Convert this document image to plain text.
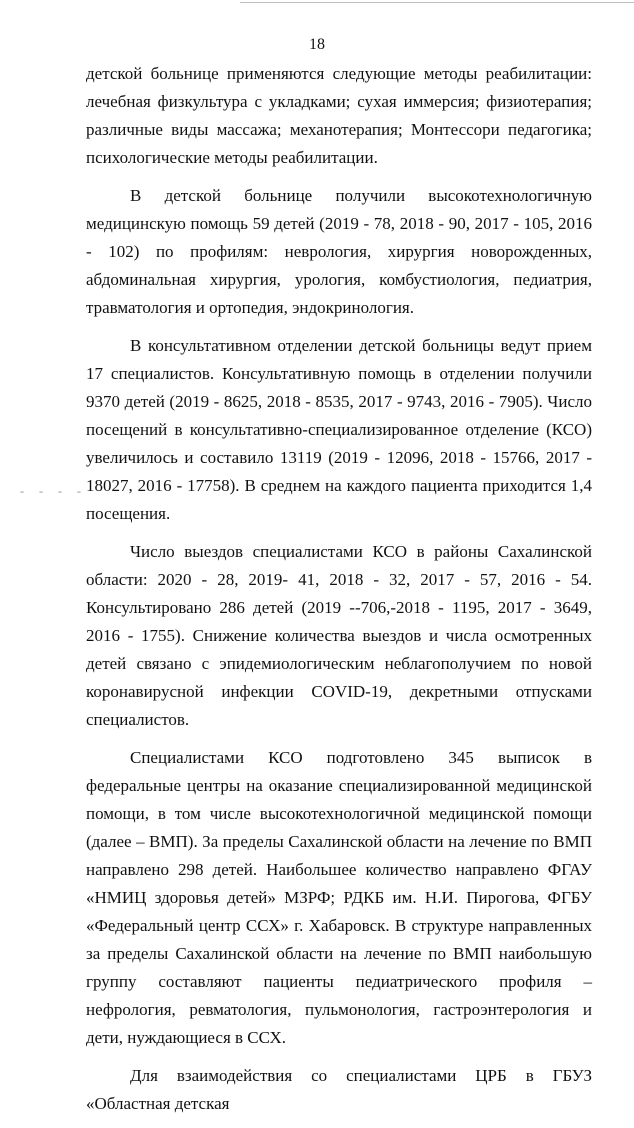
18
- - - -

детской больнице применяются следующие методы реабилитации: лечебная физкультура с укладками; сухая иммерсия; физиотерапия; различные виды массажа; механотерапия; Монтессори педагогика; психологические методы реабилитации.

В детской больнице получили высокотехнологичную медицинскую помощь 59 детей (2019 - 78, 2018 - 90, 2017 - 105, 2016 - 102) по профилям: неврология, хирургия новорожденных, абдоминальная хирургия, урология, комбустиология, педиатрия, травматология и ортопедия, эндокринология.

В консультативном отделении детской больницы ведут прием 17 специалистов. Консультативную помощь в отделении получили 9370 детей (2019 - 8625, 2018 - 8535, 2017 - 9743, 2016 - 7905). Число посещений в консультативно-специализированное отделение (КСО) увеличилось и составило 13119 (2019 - 12096, 2018 - 15766, 2017 - 18027, 2016 - 17758). В среднем на каждого пациента приходится 1,4 посещения.

Число выездов специалистами КСО в районы Сахалинской области: 2020 - 28, 2019- 41, 2018 - 32, 2017 - 57, 2016 - 54. Консультировано 286 детей (2019 --706,-2018 - 1195, 2017 - 3649, 2016 - 1755). Снижение количества выездов и числа осмотренных детей связано с эпидемиологическим неблагополучием по новой коронавирусной инфекции COVID-19, декретными отпусками специалистов.

Специалистами КСО подготовлено 345 выписок в федеральные центры на оказание специализированной медицинской помощи, в том числе высокотехнологичной медицинской помощи (далее – ВМП). За пределы Сахалинской области на лечение по ВМП направлено 298 детей. Наибольшее количество направлено ФГАУ «НМИЦ здоровья детей» МЗРФ; РДКБ им. Н.И. Пирогова, ФГБУ «Федеральный центр ССХ» г. Хабаровск. В структуре направленных за пределы Сахалинской области на лечение по ВМП наибольшую группу составляют пациенты педиатрического профиля – нефрология, ревматология, пульмонология, гастроэнтерология и дети, нуждающиеся в ССХ.

Для взаимодействия со специалистами ЦРБ в ГБУЗ «Областная детская
